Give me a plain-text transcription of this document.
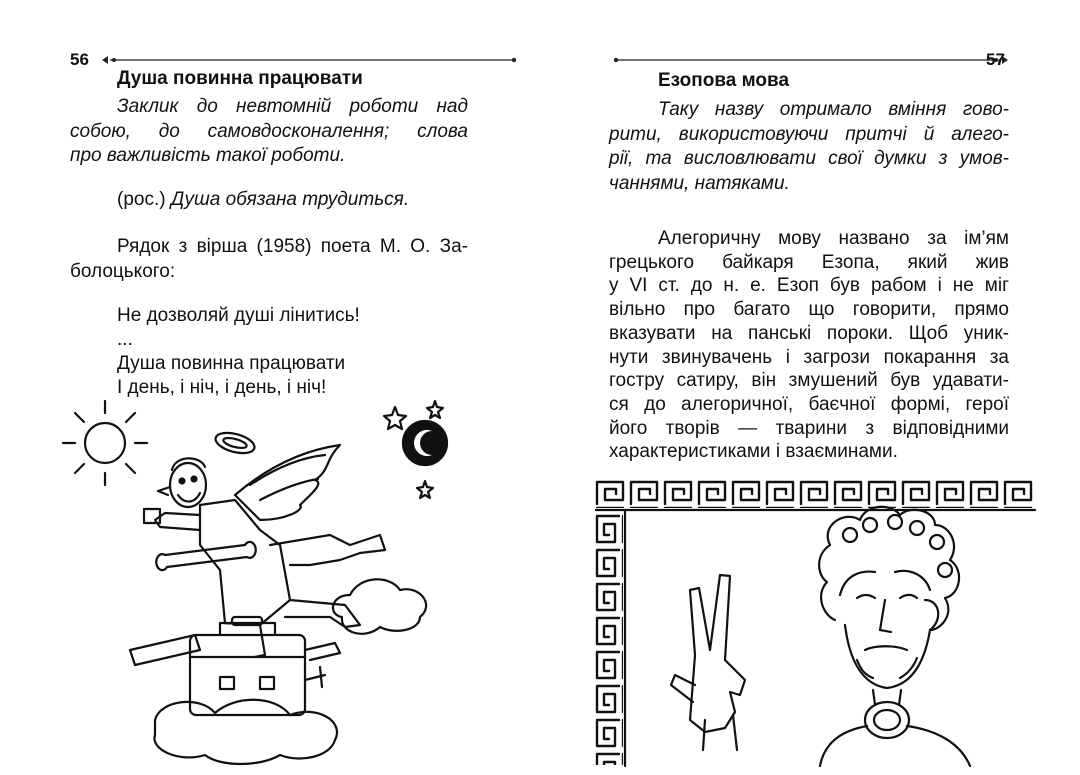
56
Душа повинна працювати

Заклик до невтомній роботи над
собою, до самовдосконалення; слова
про важливість такої роботи.

(рос.) Душа обязана трудиться.

Рядок з вірша (1958) поета М. О. За-
болоцького:

Не дозволяй душі лінитись!
...
Душа повинна працювати
І день, і ніч, і день, і ніч!

57
Езопова мова

Таку назву отримало вміння гово-
рити, використовуючи притчі й алего-
рії, та висловлювати свої думки з умов-
чаннями, натяками.

Алегоричну мову названо за ім’ям
грецького байкаря Езопа, який жив
у VI ст. до н. е. Езоп був рабом і не міг
вільно про багато що говорити, прямо
вказувати на панські пороки. Щоб уник-
нути звинувачень і загрози покарання за
гостру сатиру, він змушений був удавати-
ся до алегоричної, баєчної формі, герої
його творів — тварини з відповідними
характеристиками і взаєминами.
